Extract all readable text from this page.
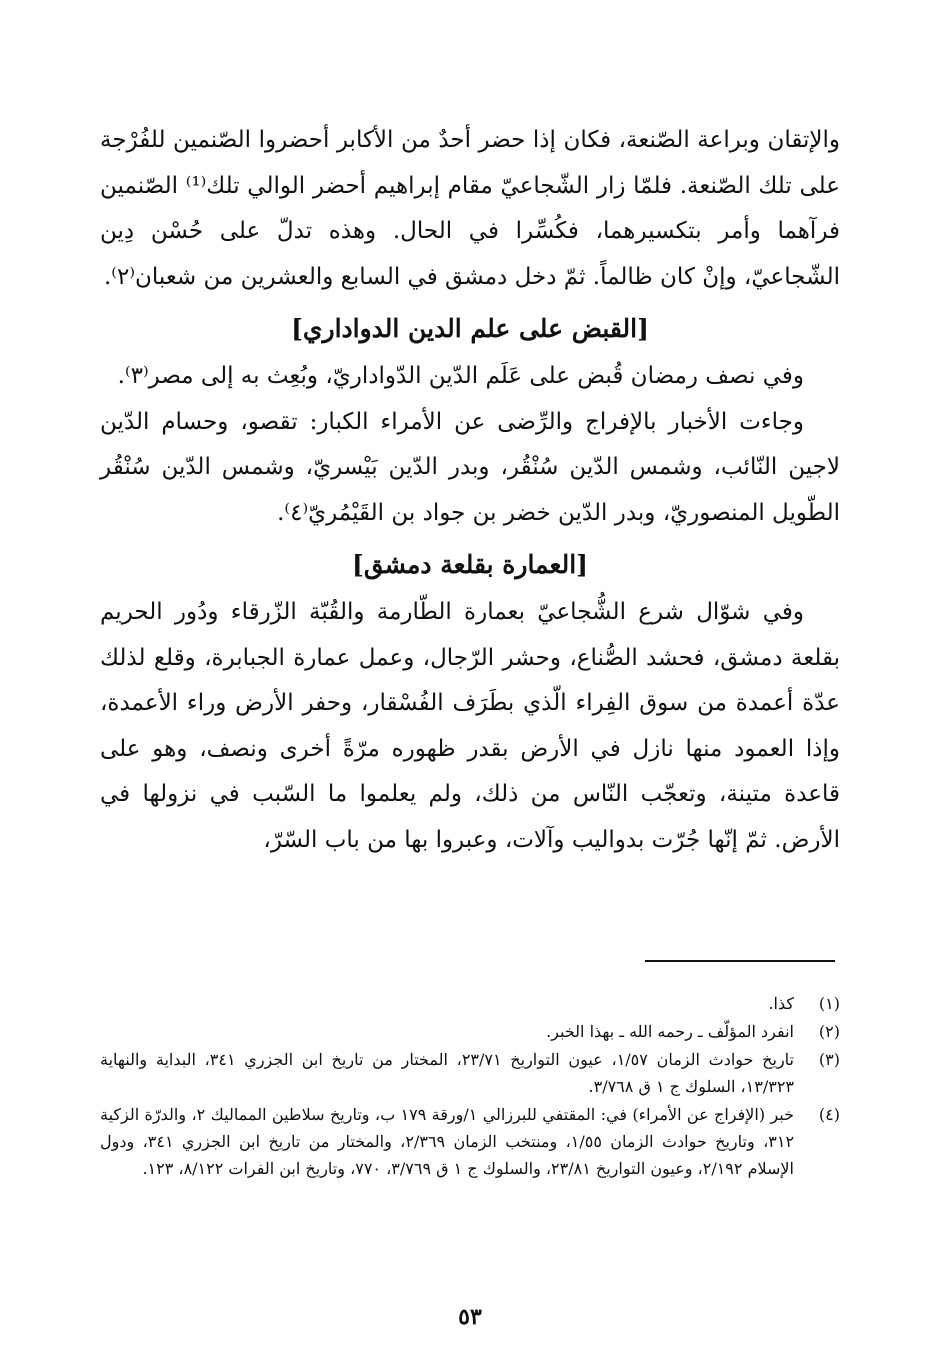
والإتقان وبراعة الصّنعة، فكان إذا حضر أحدٌ من الأكابر أحضروا الصّنمين للفُرْجة على تلك الصّنعة. فلمّا زار الشّجاعيّ مقام إبراهيم أحضر الوالي تلك⁽¹⁾ الصّنمين فرآهما وأمر بتكسيرهما، فكُسِّرا في الحال. وهذه تدلّ على حُسْن دِين الشّجاعيّ، وإنْ كان ظالماً. ثمّ دخل دمشق في السابع والعشرين من شعبان⁽٢⁾.

[القبض على علم الدين الدواداري]

وفي نصف رمضان قُبض على عَلَم الدّين الدّواداريّ، وبُعِث به إلى مصر⁽٣⁾.

وجاءت الأخبار بالإفراج والرِّضى عن الأمراء الكبار: تقصو، وحسام الدّين لاجين النّائب، وشمس الدّين سُنْقُر، وبدر الدّين بَيْسريّ، وشمس الدّين سُنْقُر الطّويل المنصوريّ، وبدر الدّين خضر بن جواد بن القَيْمُريّ⁽٤⁾.

[العمارة بقلعة دمشق]

وفي شوّال شرع الشُّجاعيّ بعمارة الطّارمة والقُبّة الزّرقاء ودُور الحريم بقلعة دمشق، فحشد الصُّناع، وحشر الرّجال، وعمل عمارة الجبابرة، وقلع لذلك عدّة أعمدة من سوق الفِراء الّذي بطَرَف الفُسْقار، وحفر الأرض وراء الأعمدة، وإذا العمود منها نازل في الأرض بقدر ظهوره مرّةً أخرى ونصف، وهو على قاعدة متينة، وتعجّب النّاس من ذلك، ولم يعلموا ما السّبب في نزولها في الأرض. ثمّ إنّها جُرّت بدواليب وآلات، وعبروا بها من باب السّرّ،

(١)
كذا.
(٢)
انفرد المؤلّف ـ رحمه الله ـ بهذا الخبر.
(٣)
تاريخ حوادث الزمان ١/٥٧، عيون التواريخ ٢٣/٧١، المختار من تاريخ ابن الجزري ٣٤١، البداية والنهاية ١٣/٣٢٣، السلوك ج ١ ق ٣/٧٦٨.
(٤)
خبر (الإفراج عن الأمراء) في: المقتفي للبرزالي ١/ورقة ١٧٩ ب، وتاريخ سلاطين المماليك ٢، والدرّة الزكية ٣١٢، وتاريخ حوادث الزمان ١/٥٥، ومنتخب الزمان ٢/٣٦٩، والمختار من تاريخ ابن الجزري ٣٤١، ودول الإسلام ٢/١٩٢، وعيون التواريخ ٢٣/٨١، والسلوك ج ١ ق ٣/٧٦٩، ٧٧٠، وتاريخ ابن الفرات ٨/١٢٢، ١٢٣.
٥٣
